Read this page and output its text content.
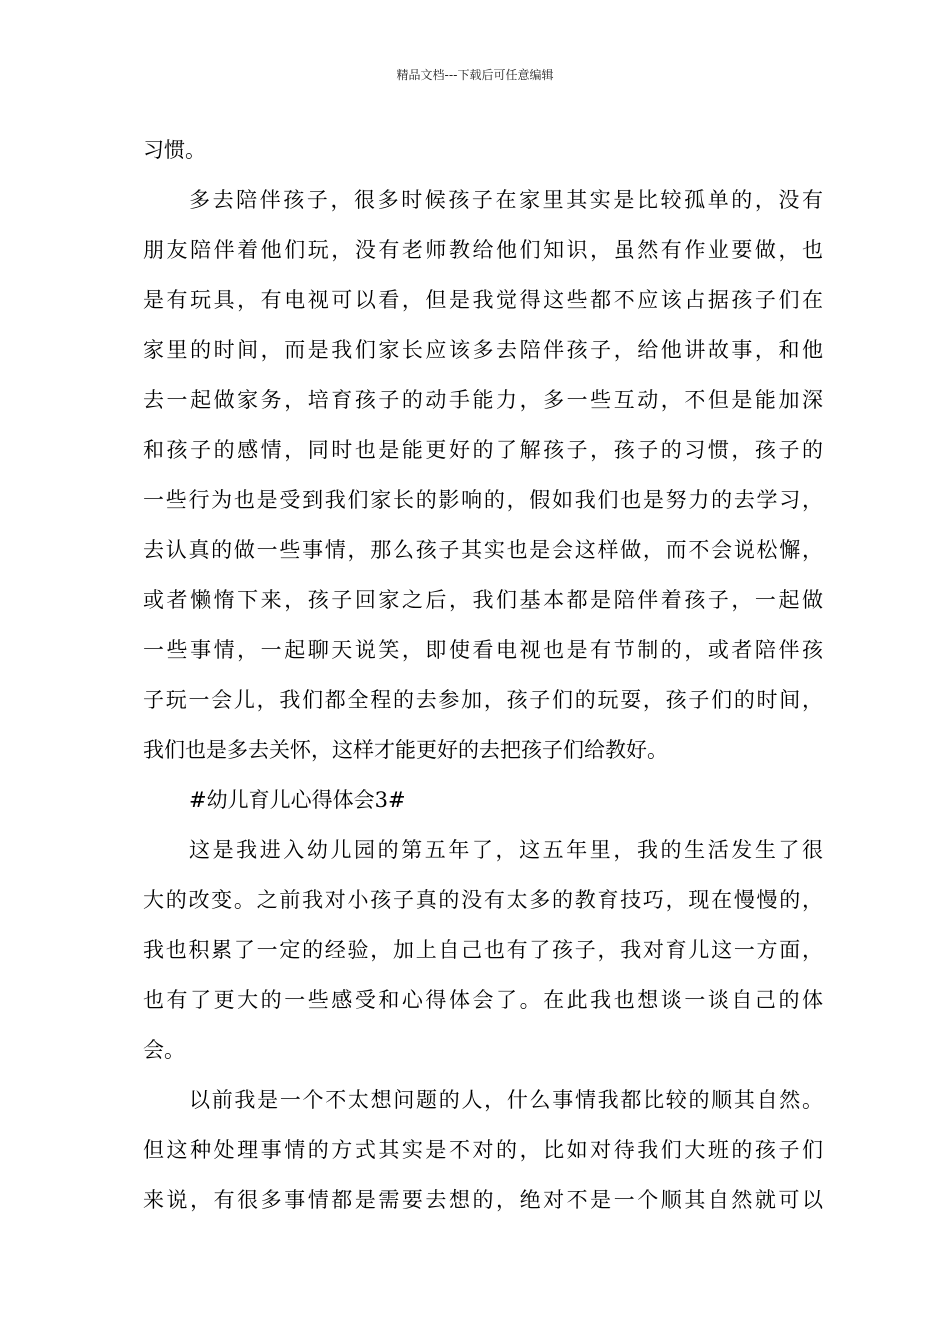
精品文档---下载后可任意编辑
习惯。
多去陪伴孩子，很多时候孩子在家里其实是比较孤单的，没有
朋友陪伴着他们玩，没有老师教给他们知识，虽然有作业要做，也
是有玩具，有电视可以看，但是我觉得这些都不应该占据孩子们在
家里的时间，而是我们家长应该多去陪伴孩子，给他讲故事，和他
去一起做家务，培育孩子的动手能力，多一些互动，不但是能加深
和孩子的感情，同时也是能更好的了解孩子，孩子的习惯，孩子的
一些行为也是受到我们家长的影响的，假如我们也是努力的去学习，
去认真的做一些事情，那么孩子其实也是会这样做，而不会说松懈，
或者懒惰下来，孩子回家之后，我们基本都是陪伴着孩子，一起做
一些事情，一起聊天说笑，即使看电视也是有节制的，或者陪伴孩
子玩一会儿，我们都全程的去参加，孩子们的玩耍，孩子们的时间，
我们也是多去关怀，这样才能更好的去把孩子们给教好。
#幼儿育儿心得体会3#
这是我进入幼儿园的第五年了，这五年里，我的生活发生了很
大的改变。之前我对小孩子真的没有太多的教育技巧，现在慢慢的，
我也积累了一定的经验，加上自己也有了孩子，我对育儿这一方面，
也有了更大的一些感受和心得体会了。在此我也想谈一谈自己的体
会。
以前我是一个不太想问题的人，什么事情我都比较的顺其自然。
但这种处理事情的方式其实是不对的，比如对待我们大班的孩子们
来说，有很多事情都是需要去想的，绝对不是一个顺其自然就可以
